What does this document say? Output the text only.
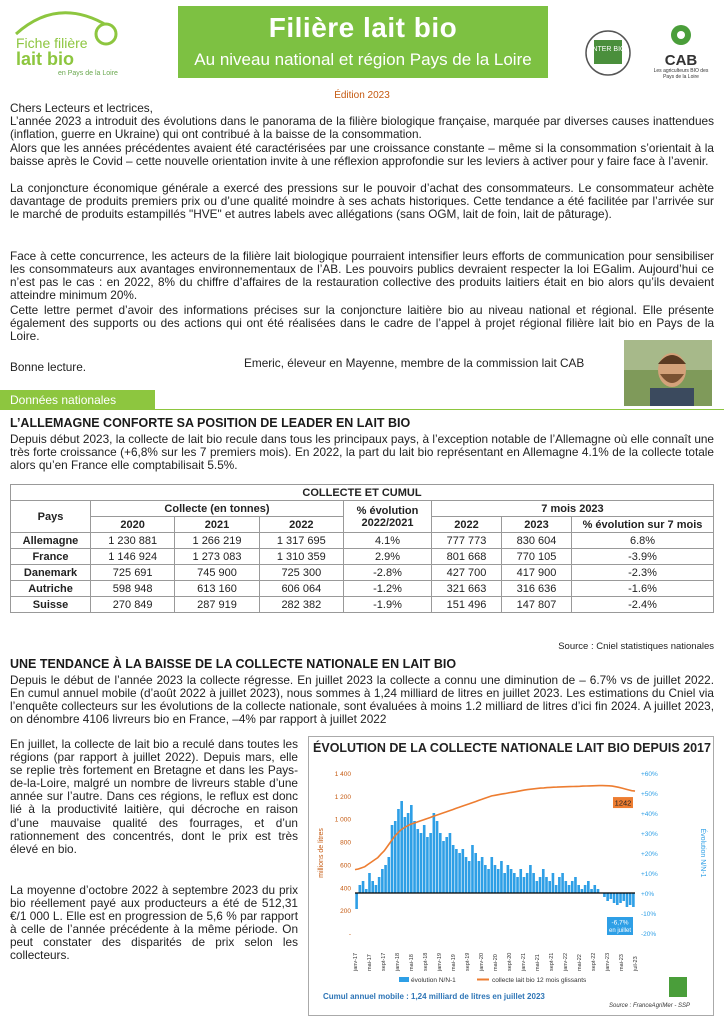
Fiche filière
lait bio
en Pays de la Loire
Filière lait bio
Au niveau national et région Pays de la Loire
INTER BIO
CAB
Les agriculteurs BIO des Pays de la Loire
Édition 2023
Chers Lecteurs et lectrices,
L’année 2023 a introduit des évolutions dans le panorama de la filière biologique française, marquée par diverses causes inattendues (inflation, guerre en Ukraine) qui ont contribué à la baisse de la consommation.
Alors que les années précédentes avaient été caractérisées par une croissance constante – même si la consommation s’orientait à la baisse après le Covid – cette nouvelle orientation invite à une réflexion approfondie sur les leviers à activer pour y faire face à l’avenir.
La conjoncture économique générale a exercé des pressions sur le pouvoir d’achat des consommateurs. Le consommateur achète davantage de produits premiers prix ou d’une qualité moindre à ses achats historiques. Cette tendance a été facilitée par l’arrivée sur le marché de produits estampillés "HVE" et autres labels avec allégations (sans OGM, lait de foin, lait de pâturage).
Face à cette concurrence, les acteurs de la filière lait biologique pourraient intensifier leurs efforts de communication pour sensibiliser les consommateurs aux avantages environnementaux de l’AB. Les pouvoirs publics devraient respecter la loi EGalim. Aujourd’hui ce n’est pas le cas : en 2022, 8% du chiffre d’affaires de la restauration collective des produits laitiers était en bio alors qu’ils devaient atteindre minimum 20%.
Cette lettre permet d’avoir des informations précises sur la conjoncture laitière bio au niveau national et régional. Elle présente également des supports ou des actions qui ont été réalisées dans le cadre de l’appel à projet régional filière lait bio en Pays de la Loire.
Bonne lecture.	Emeric, éleveur en Mayenne, membre de la commission lait CAB
Données nationales
L’ALLEMAGNE CONFORTE SA POSITION DE LEADER EN LAIT BIO
Depuis début 2023, la collecte de lait bio recule dans tous les principaux pays, à l’exception notable de l’Allemagne où elle connaît une très forte croissance (+6,8% sur les 7 premiers mois). En 2022, la part du lait bio représentant en Allemagne 4.1% de la collecte totale alors qu’en France elle comptabilisait 5.5%.
COLLECTE ET CUMUL							
Pays	Collecte (en tonnes)			% évolution
2022/2021	7 mois 2023		
	2020	2021	2022		2022	2023	% évolution sur 7 mois
Allemagne	1 230 881	1 266 219	1 317 695	4.1%	777 773	830 604	6.8%
France	1 146 924	1 273 083	1 310 359	2.9%	801 668	770 105	-3.9%
Danemark	725 691	745 900	725 300	-2.8%	427 700	417 900	-2.3%
Autriche	598 948	613 160	606 064	-1.2%	321 663	316 636	-1.6%
Suisse	270 849	287 919	282 382	-1.9%	151 496	147 807	-2.4%
Source : Cniel statistiques nationales
UNE TENDANCE À LA BAISSE DE LA COLLECTE NATIONALE EN LAIT BIO
Depuis le début de l’année 2023 la collecte régresse. En juillet 2023 la collecte a connu une diminution de – 6.7% vs de juillet 2022. En cumul annuel mobile (d’août 2022 à juillet 2023), nous sommes à 1,24 milliard de litres en juillet 2023. Les estimations du Cniel via l’enquête collecteurs sur les évolutions de la collecte nationale, sont évaluées à moins 1.2 milliard de litres d’ici fin 2024. A juillet 2023, on dénombre 4106 livreurs bio en France, –4% par rapport à juillet 2022
En juillet, la collecte de lait bio a reculé dans toutes les régions (par rapport à juillet 2022). Depuis mars, elle se replie très fortement en Bretagne et dans les Pays-de-la-Loire, malgré un nombre de livreurs stable d’une année sur l’autre. Dans ces régions, le reflux est donc lié à la productivité laitière, qui décroche en raison d’une mauvaise qualité des fourrages, et d’un rationnement des concentrés, dont le prix est très élevé en bio.
La moyenne d’octobre 2022 à septembre 2023 du prix bio réellement payé aux producteurs a été de 512,31 €/1 000 L. Elle est en progression de 5,6 % par rapport à celle de l’année précédente à la même période. On peut constater des disparités de prix selon les collecteurs.
ÉVOLUTION DE LA COLLECTE NATIONALE LAIT BIO DEPUIS 2017
1 400
1 200
1 000
800
600
400
200
-
+60%
+50%
+40%
+30%
+20%
+10%
+0%
-10%
-20%
millions de litres	Évolution N/N-1
1242
-6,7%
en juillet
janv-17 mai-17 sept-17 janv-18 mai-18 sept-18 janv-19 mai-19 sept-19 janv-20 mai-20 sept-20 janv-21 mai-21 sept-21 janv-22 mai-22 sept-22 janv-23 mai-23 juil-23
évolution N/N-1	collecte lait bio 12 mois glissants
Cumul annuel mobile : 1,24 milliard de litres en juillet 2023
Source : FranceAgriMer - SSP
